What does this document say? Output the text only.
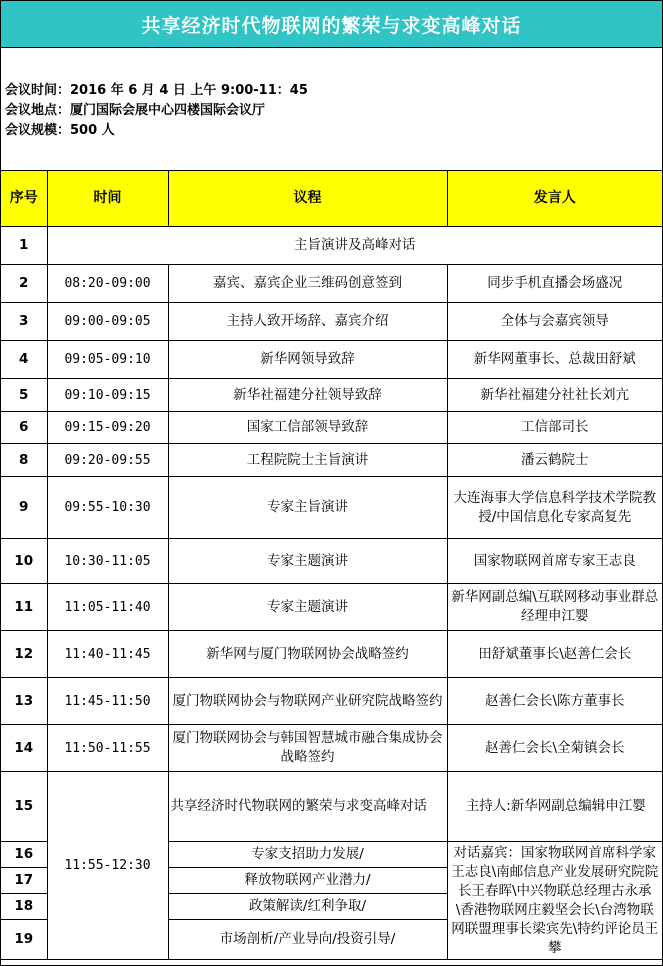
共享经济时代物联网的繁荣与求变高峰对话
会议时间：2016 年 6 月 4 日 上午 9:00-11：45
会议地点：厦门国际会展中心四楼国际会议厅
会议规模：500 人
序号	时间	议程	发言人
1	主旨演讲及高峰对话		
2	08:20-09:00	嘉宾、嘉宾企业三维码创意签到	同步手机直播会场盛况
3	09:00-09:05	主持人致开场辞、嘉宾介绍	全体与会嘉宾领导
4	09:05-09:10	新华网领导致辞	新华网董事长、总裁田舒斌
5	09:10-09:15	新华社福建分社领导致辞	新华社福建分社社长刘亢
6	09:15-09:20	国家工信部领导致辞	工信部司长
8	09:20-09:55	工程院院士主旨演讲	潘云鹤院士
9	09:55-10:30	专家主旨演讲	大连海事大学信息科学技术学院教授/中国信息化专家高复先
10	10:30-11:05	专家主题演讲	国家物联网首席专家王志良
11	11:05-11:40	专家主题演讲	新华网副总编\互联网移动事业群总经理申江婴
12	11:40-11:45	新华网与厦门物联网协会战略签约	田舒斌董事长\赵善仁会长
13	11:45-11:50	厦门物联网协会与物联网产业研究院战略签约	赵善仁会长\陈方董事长
14	11:50-11:55	厦门物联网协会与韩国智慧城市融合集成协会战略签约	赵善仁会长\全菊镇会长
15	11:55-12:30	共享经济时代物联网的繁荣与求变高峰对话	主持人:新华网副总编辑申江婴
16		专家支招助力发展/	对话嘉宾：国家物联网首席科学家王志良\南邮信息产业发展研究院院长王春晖\中兴物联总经理古永承\香港物联网庄毅坚会长\台湾物联网联盟理事长梁宾先\特约评论员王攀
17		释放物联网产业潜力/	
18		政策解读/红利争取/	
19		市场剖析/产业导向/投资引导/	
